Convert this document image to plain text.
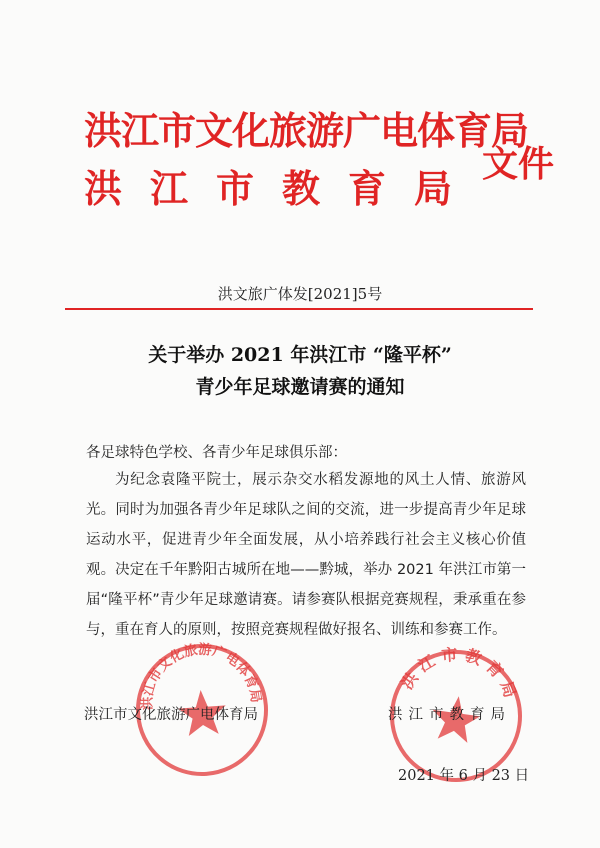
洪江市文化旅游广电体育局
洪江市教育局
文件
洪文旅广体发[2021]5号
关于举办 2021 年洪江市 “隆平杯”
青少年足球邀请赛的通知
各足球特色学校、各青少年足球俱乐部：

为纪念袁隆平院士，展示杂交水稻发源地的风土人情、旅游风光。同时为加强各青少年足球队之间的交流，进一步提高青少年足球运动水平，促进青少年全面发展，从小培养践行社会主义核心价值观。决定在千年黔阳古城所在地——黔城，举办 2021 年洪江市第一届“隆平杯”青少年足球邀请赛。请参赛队根据竞赛规程，秉承重在参与，重在育人的原则，按照竞赛规程做好报名、训练和参赛工作。

洪江市文化旅游广电体育局
洪江市教育局
洪江市文化旅游广电体育局	洪江市教育局
2021 年 6 月 23 日
